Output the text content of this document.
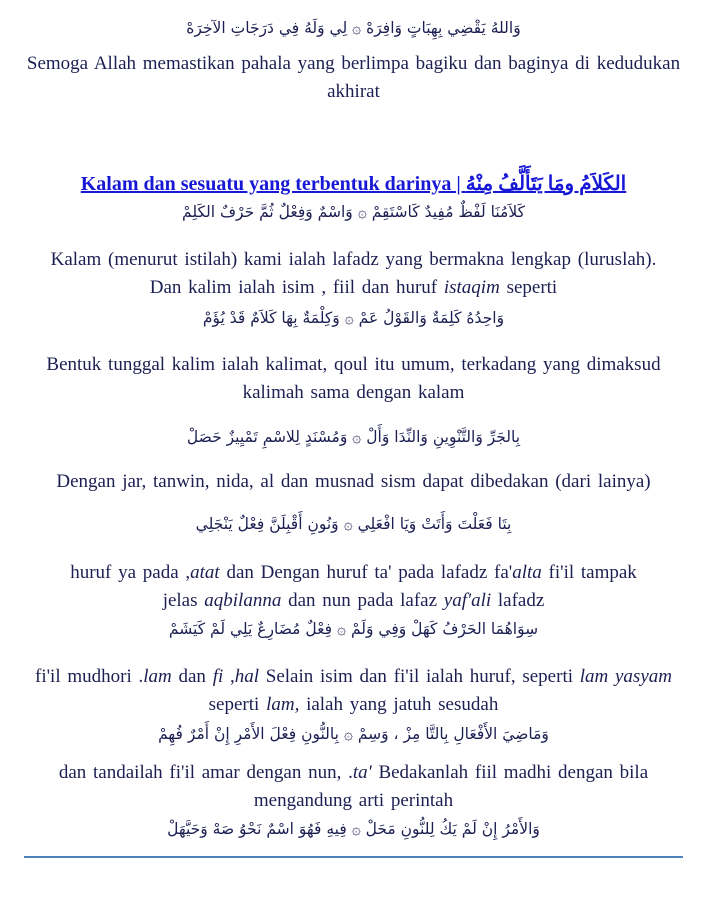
وَاللهُ يَقْضِي بِهِبَاتٍ وَافِرَهْ ۞ لِي وَلَهُ فِي دَرَجَاتِ الآخِرَهْ

Semoga Allah memastikan pahala yang berlimpa bagiku dan baginya di kedudukan akhirat

Kalam dan sesuatu yang terbentuk darinya | الكَلاَمُ ومَا يَتَأَلَّفُ مِنْهُ

كَلاَمُنَا لَفْظٌ مُفِيدٌ كَاسْتَقِمْ ۞ وَاسْمٌ وَفِعْلٌ ثُمَّ حَرْفٌ الكَلِمْ

Kalam (menurut istilah) kami ialah lafadz yang bermakna lengkap (luruslah). Dan kalim ialah isim , fiil dan huruf istaqim seperti

وَاحِدُهُ كَلِمَةٌ وَالقَوْلُ عَمْ ۞ وَكِلْمَةٌ بِهَا كَلاَمٌ قَدْ يُؤَمْ

Bentuk tunggal kalim ialah kalimat, qoul itu umum, terkadang yang dimaksud kalimah sama dengan kalam

بِالجَرِّ وَالتَّنْوِينِ وَالنِّدَا وَأَلْ ۞ وَمُسْنَدٍ لِلاسْمِ تَمْيِيزٌ حَصَلْ

Dengan jar, tanwin, nida, al dan musnad sism dapat dibedakan (dari lainya)

بِتَا فَعَلْتَ وَأَتَتْ وَيَا افْعَلِي ۞ وَنُونِ أَقْبِلَنَّ فِعْلٌ يَنْجَلِي

huruf ya pada ,atat dan Dengan huruf ta' pada lafadz fa'alta fi'il tampak jelas aqbilanna dan nun pada lafaz yaf'ali lafadz

سِوَاهُمَا الحَرْفُ كَهَلْ وَفِي وَلَمْ ۞ فِعْلٌ مُضَارِعٌ يَلِي لَمْ كَيَشَمْ

fi'il mudhori .lam dan fi ,hal Selain isim dan fi'il ialah huruf, seperti lam yasyam seperti lam, ialah yang jatuh sesudah

وَمَاضِيَ الأَفْعَالِ بِالتَّا مِزْ ، وَسِمْ ۞ بِالنُّونِ فِعْلَ الأَمْرِ إِنْ أَمْرٌ فُهِمْ

dan tandailah fi'il amar dengan nun, .ta' Bedakanlah fiil madhi dengan bila mengandung arti perintah

وَالأَمْرُ إِنْ لَمْ يَكُ لِلنُّونِ مَحَلْ ۞ فِيهِ فَهُوَ اسْمٌ نَحْوُ صَهْ وَحَيَّهَلْ
